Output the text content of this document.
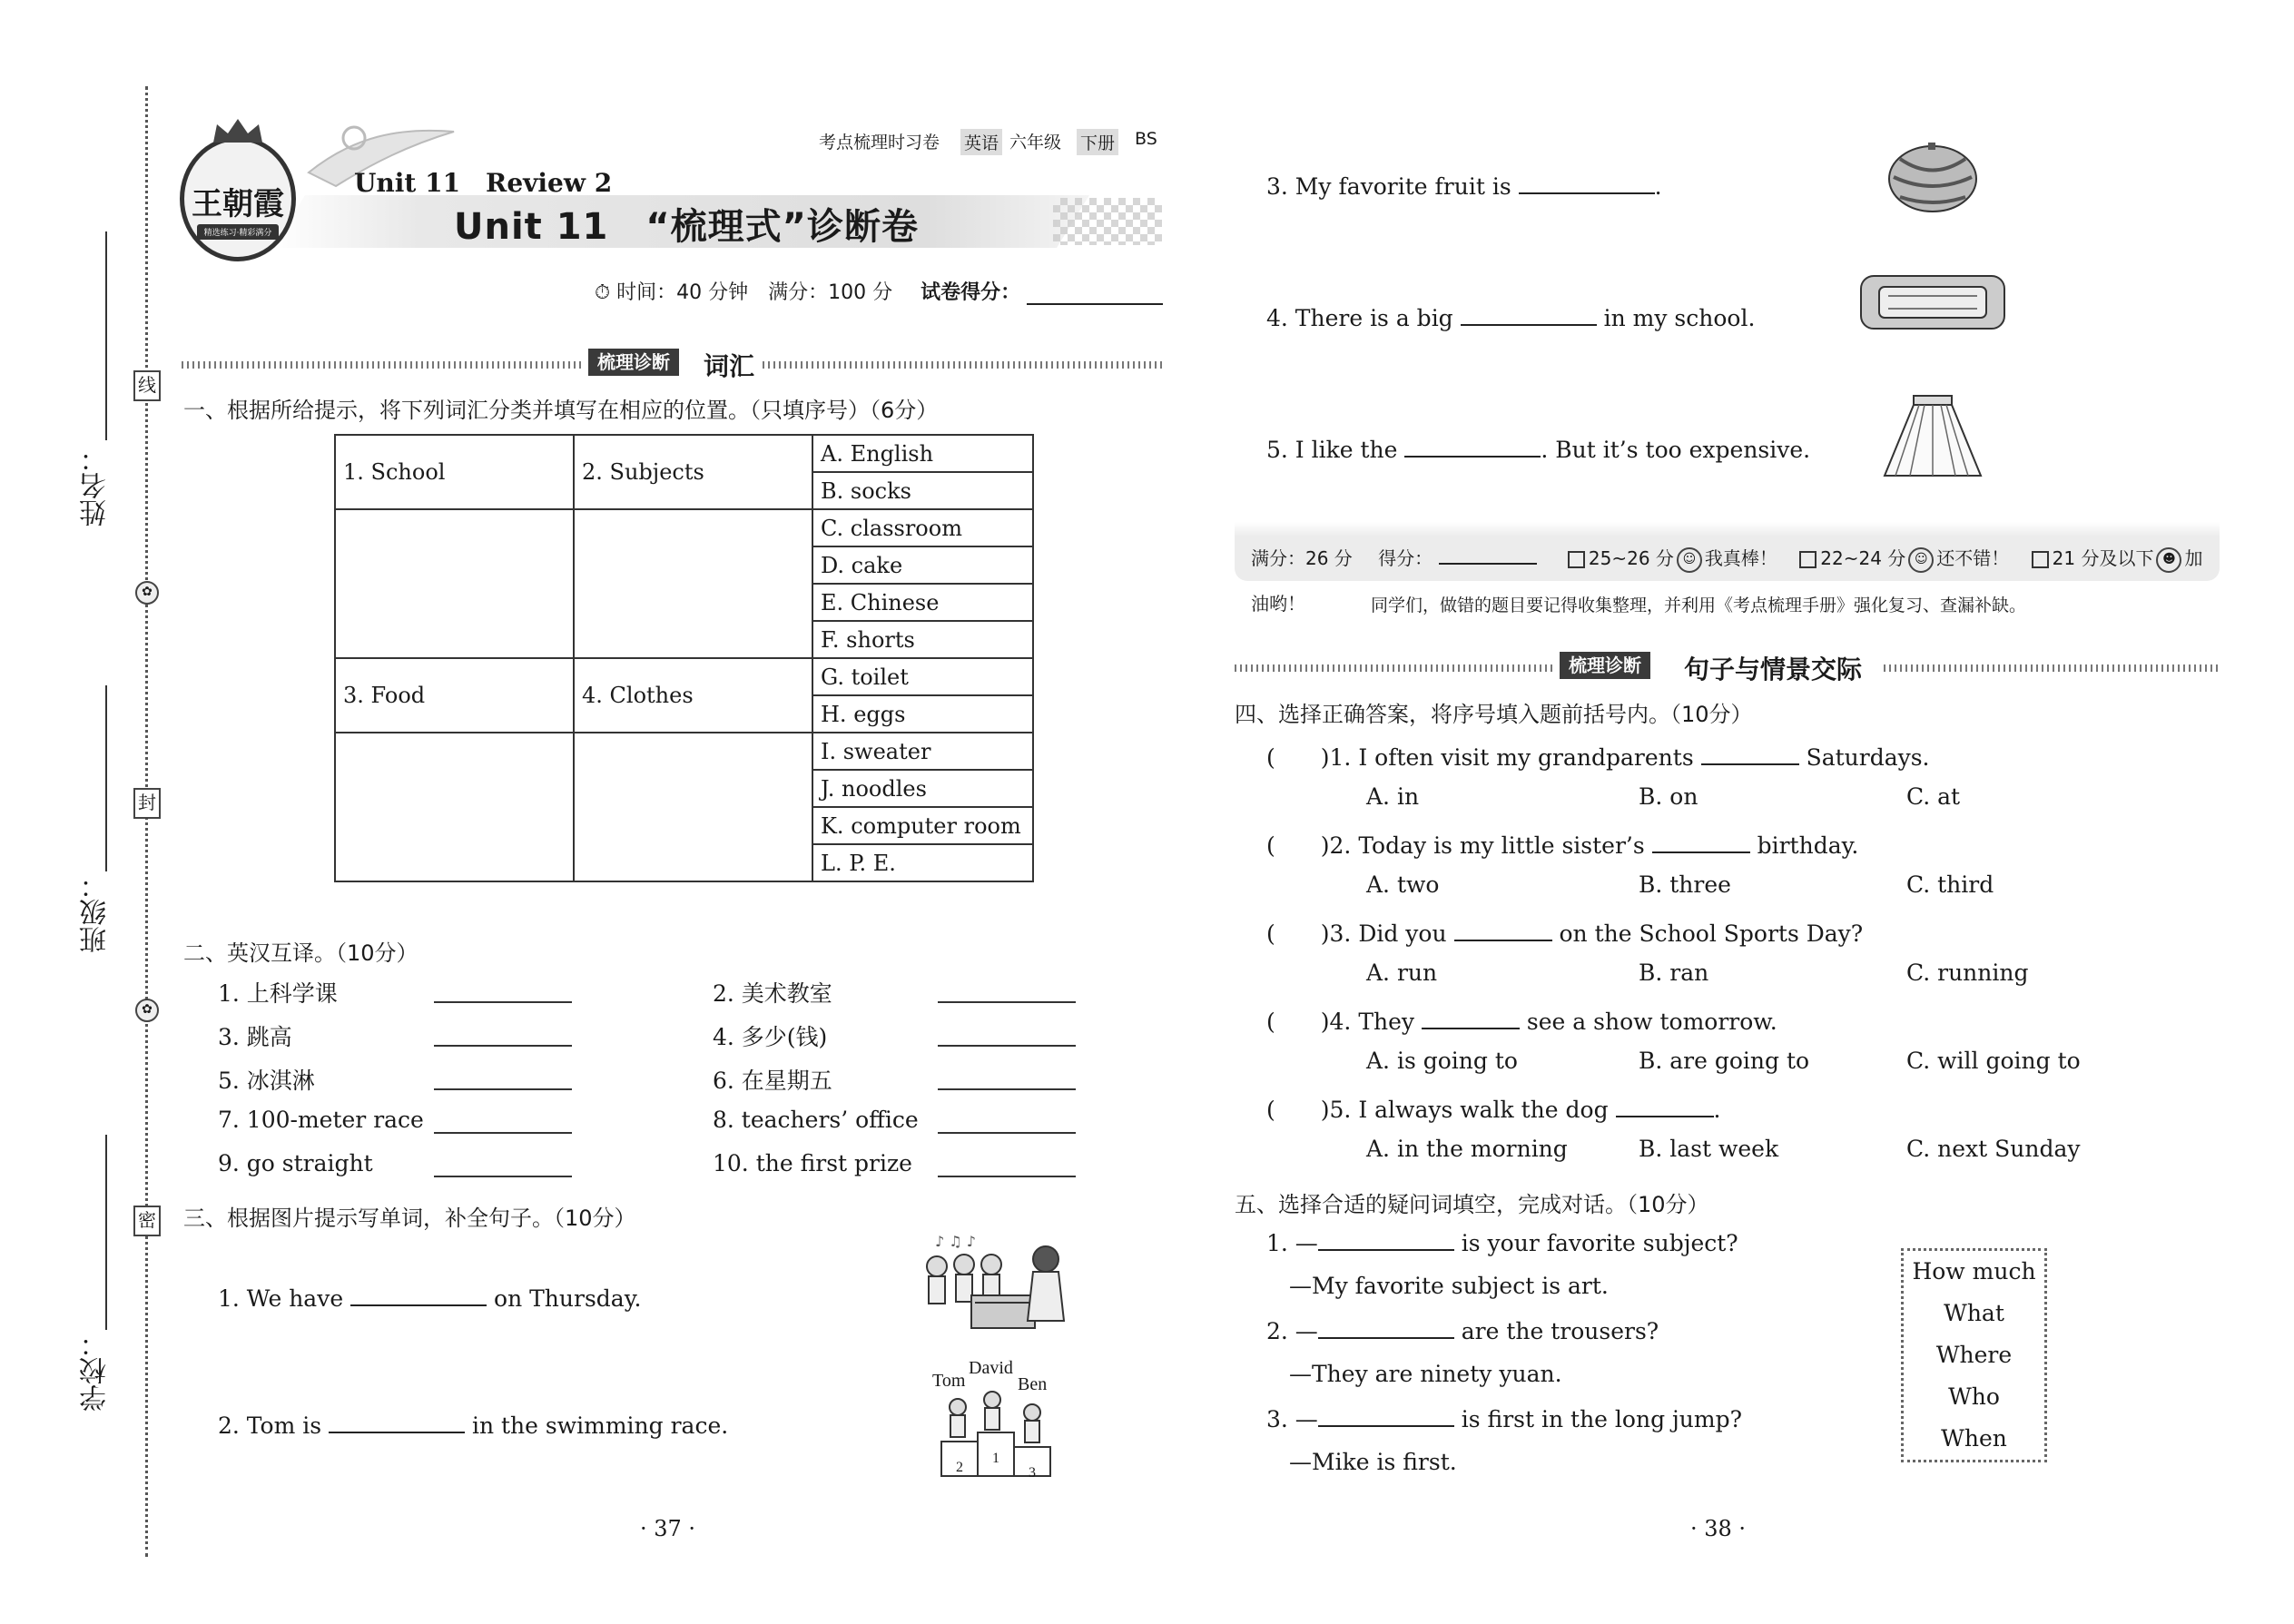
姓名：
班级：
学校：
线
封
密
✿
✿
王朝霞
精选练习·精彩满分
考点梳理时习卷 英语 六年级 下册 BS
Unit 11　Review 2
Unit 11　“梳理式”诊断卷
⏱ 时间：40 分钟　满分：100 分 试卷得分：
梳理诊断	词汇
一、根据所给提示，将下列词汇分类并填写在相应的位置。（只填序号）（6分）
1. School	2. Subjects	A. English
		B. socks
		C. classroom
		D. cake
		E. Chinese
		F. shorts
3. Food	4. Clothes	G. toilet
		H. eggs
		I. sweater
		J. noodles
		K. computer room
		L. P. E.
二、英汉互译。（10分）
1. 上科学课
3. 跳高
5. 冰淇淋
7. 100-meter race
9. go straight
2. 美术教室
4. 多少(钱)
6. 在星期五
8. teachers’ office
10. the first prize
三、根据图片提示写单词，补全句子。（10分）
1. We have	on Thursday.
♪ ♫ ♪
2. Tom is	in the swimming race.
Tom
David
Ben
2
1
3
· 37 ·
3. My favorite fruit is	.
4. There is a big	in my school.
5. I like the	. But it’s too expensive.
满分：26 分 得分：	25~26 分 ☺ 我真棒！ 22~24 分 ☺ 还不错！ 21 分及以下 ☻ 加油哟！	同学们，做错的题目要记得收集整理，并利用《考点梳理手册》强化复习、查漏补缺。
梳理诊断	句子与情景交际
四、选择正确答案，将序号填入题前括号内。（10分）
(　　)1. I often visit my grandparents	Saturdays.
A. in	B. on	C. at
(　　)2. Today is my little sister’s	birthday.
A. two	B. three	C. third
(　　)3. Did you	on the School Sports Day?
A. run	B. ran	C. running
(　　)4. They	see a show tomorrow.
A. is going to	B. are going to	C. will going to
(　　)5. I always walk the dog	.
A. in the morning	B. last week	C. next Sunday
五、选择合适的疑问词填空，完成对话。（10分）
1. —	is your favorite subject?
—My favorite subject is art.
2. —	are the trousers?
—They are ninety yuan.
3. —	is first in the long jump?
—Mike is first.
How much
What
Where
Who
When
· 38 ·
